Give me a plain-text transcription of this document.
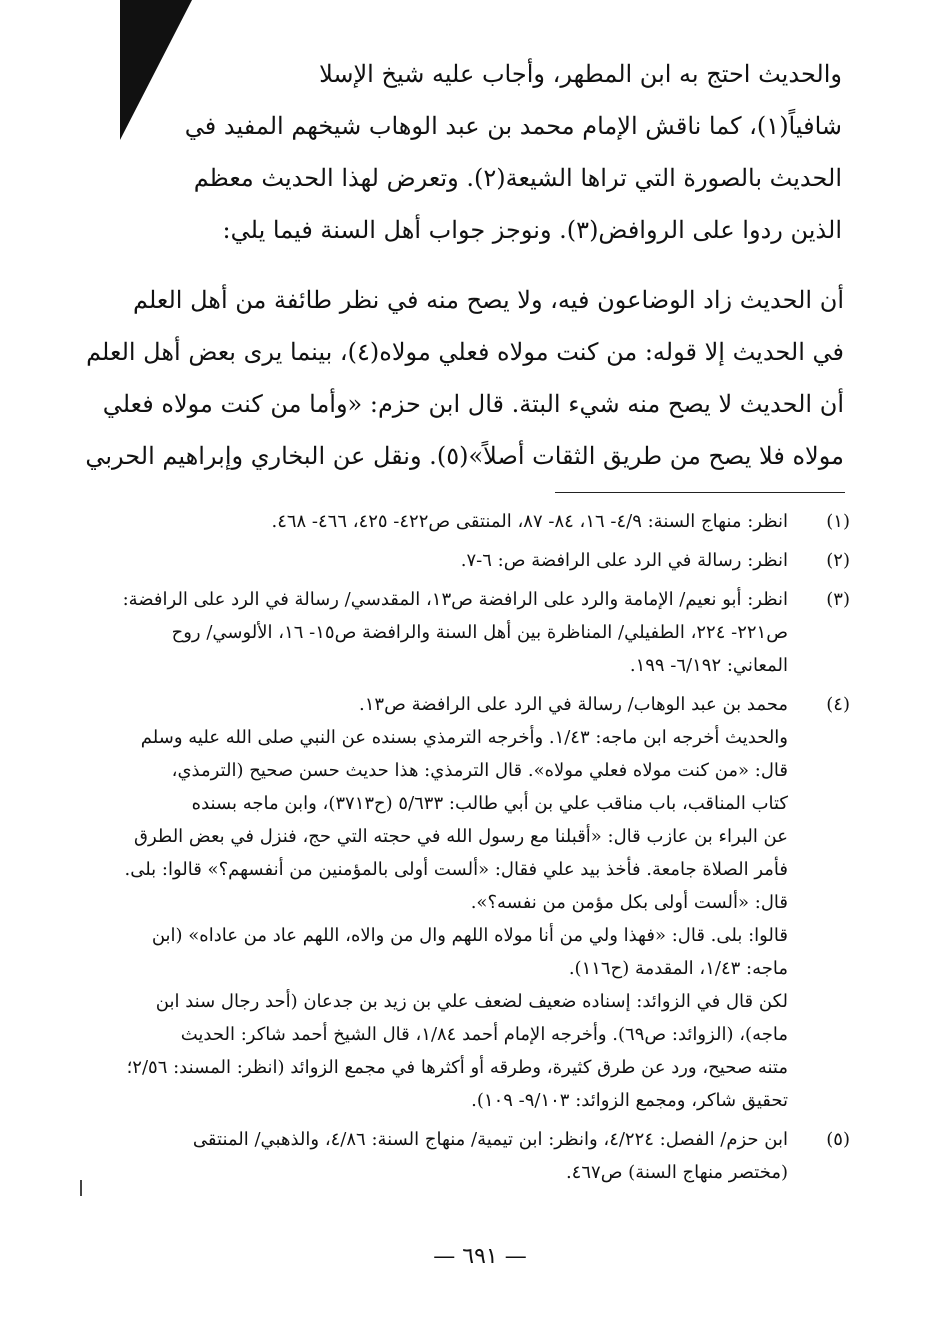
والحديث احتج به ابن المطهر، وأجاب عليه شيخ الإسلا
شافياً(١)، كما ناقش الإمام محمد بن عبد الوهاب شيخهم المفيد في
الحديث بالصورة التي تراها الشيعة(٢). وتعرض لهذا الحديث معظم
الذين ردوا على الروافض(٣). ونوجز جواب أهل السنة فيما يلي:
أن الحديث زاد الوضاعون فيه، ولا يصح منه في نظر طائفة من أهل العلم
في الحديث إلا قوله: من كنت مولاه فعلي مولاه(٤)، بينما يرى بعض أهل العلم
أن الحديث لا يصح منه شيء البتة. قال ابن حزم: «وأما من كنت مولاه فعلي
مولاه فلا يصح من طريق الثقات أصلاً»(٥). ونقل عن البخاري وإبراهيم الحربي
(١)
انظر: منهاج السنة: ٤/٩- ١٦، ٨٤- ٨٧، المنتقى ص٤٢٢- ٤٢٥، ٤٦٦- ٤٦٨.
(٢)
انظر: رسالة في الرد على الرافضة ص: ٦-٧.
(٣)
انظر: أبو نعيم/ الإمامة والرد على الرافضة ص١٣، المقدسي/ رسالة في الرد على الرافضة:
ص٢٢١- ٢٢٤، الطفيلي/ المناظرة بين أهل السنة والرافضة ص١٥- ١٦، الألوسي/ روح
المعاني: ٦/١٩٢- ١٩٩.
(٤)
محمد بن عبد الوهاب/ رسالة في الرد على الرافضة ص١٣.
والحديث أخرجه ابن ماجه: ١/٤٣. وأخرجه الترمذي بسنده عن النبي صلى الله عليه وسلم
قال: «من كنت مولاه فعلي مولاه». قال الترمذي: هذا حديث حسن صحيح (الترمذي،
كتاب المناقب، باب مناقب علي بن أبي طالب: ٥/٦٣٣ (ح٣٧١٣)، وابن ماجه بسنده
عن البراء بن عازب قال: «أقبلنا مع رسول الله في حجته التي حج، فنزل في بعض الطرق
فأمر الصلاة جامعة. فأخذ بيد علي فقال: «ألست أولى بالمؤمنين من أنفسهم؟» قالوا: بلى.
قال: «ألست أولى بكل مؤمن من نفسه؟».
قالوا: بلى. قال: «فهذا ولي من أنا مولاه اللهم وال من والاه، اللهم عاد من عاداه» (ابن
ماجه: ١/٤٣، المقدمة (ح١١٦).
لكن قال في الزوائد: إسناده ضعيف لضعف علي بن زيد بن جدعان (أحد رجال سند ابن
ماجه)، (الزوائد: ص٦٩). وأخرجه الإمام أحمد ١/٨٤، قال الشيخ أحمد شاكر: الحديث
متنه صحيح، ورد عن طرق كثيرة، وطرقه أو أكثرها في مجمع الزوائد (انظر: المسند: ٢/٥٦؛
تحقيق شاكر، ومجمع الزوائد: ٩/١٠٣- ١٠٩).
(٥)
ابن حزم/ الفصل: ٤/٢٢٤، وانظر: ابن تيمية/ منهاج السنة: ٤/٨٦، والذهبي/ المنتقى
(مختصر منهاج السنة) ص٤٦٧.
— ٦٩١ —
